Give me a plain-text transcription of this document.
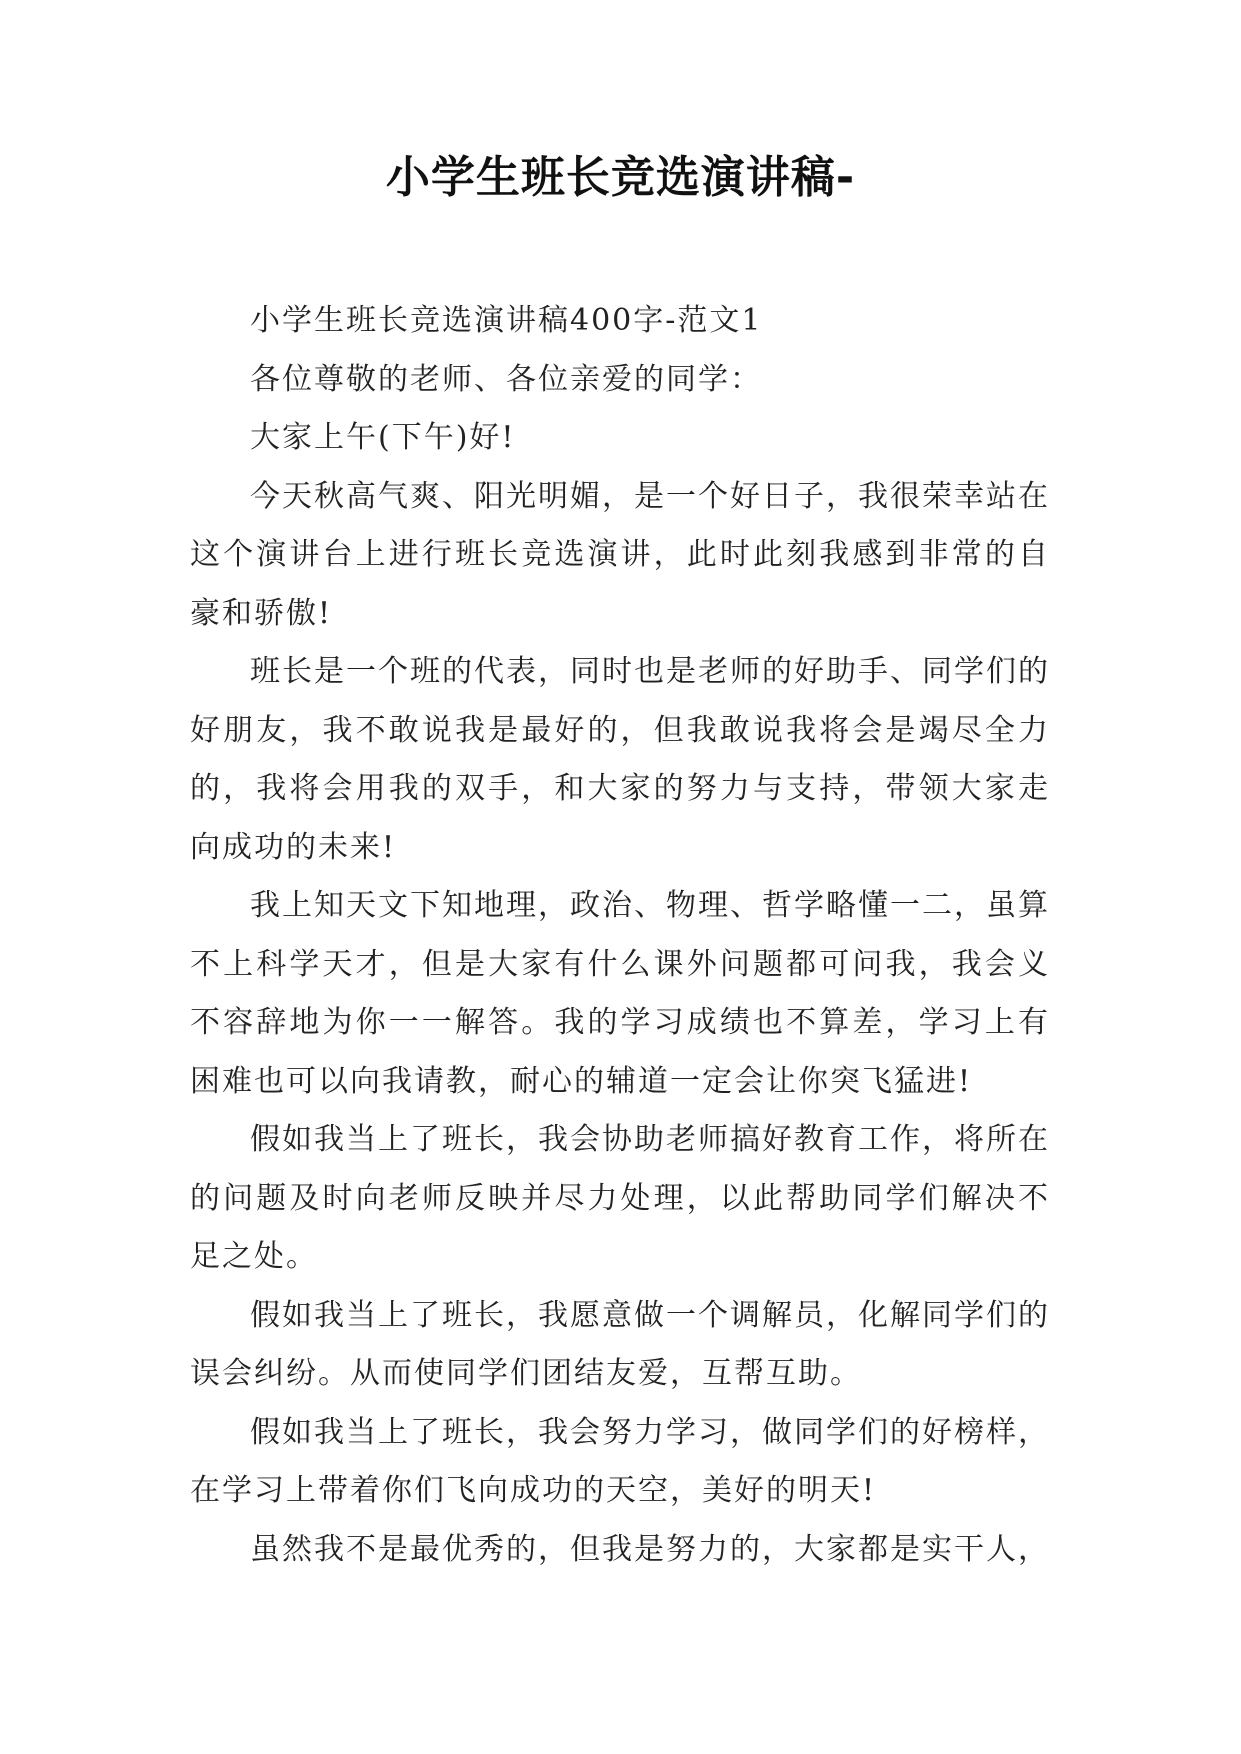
小学生班长竞选演讲稿-

小学生班长竞选演讲稿400字-范文1

各位尊敬的老师、各位亲爱的同学：

大家上午(下午)好!

今天秋高气爽、阳光明媚，是一个好日子，我很荣幸站在这个演讲台上进行班长竞选演讲，此时此刻我感到非常的自豪和骄傲!

班长是一个班的代表，同时也是老师的好助手、同学们的好朋友，我不敢说我是最好的，但我敢说我将会是竭尽全力的，我将会用我的双手，和大家的努力与支持，带领大家走向成功的未来!

我上知天文下知地理，政治、物理、哲学略懂一二，虽算不上科学天才，但是大家有什么课外问题都可问我，我会义不容辞地为你一一解答。我的学习成绩也不算差，学习上有困难也可以向我请教，耐心的辅道一定会让你突飞猛进!

假如我当上了班长，我会协助老师搞好教育工作，将所在的问题及时向老师反映并尽力处理，以此帮助同学们解决不足之处。

假如我当上了班长，我愿意做一个调解员，化解同学们的误会纠纷。从而使同学们团结友爱，互帮互助。

假如我当上了班长，我会努力学习，做同学们的好榜样，在学习上带着你们飞向成功的天空，美好的明天!

虽然我不是最优秀的，但我是努力的，大家都是实干人，
